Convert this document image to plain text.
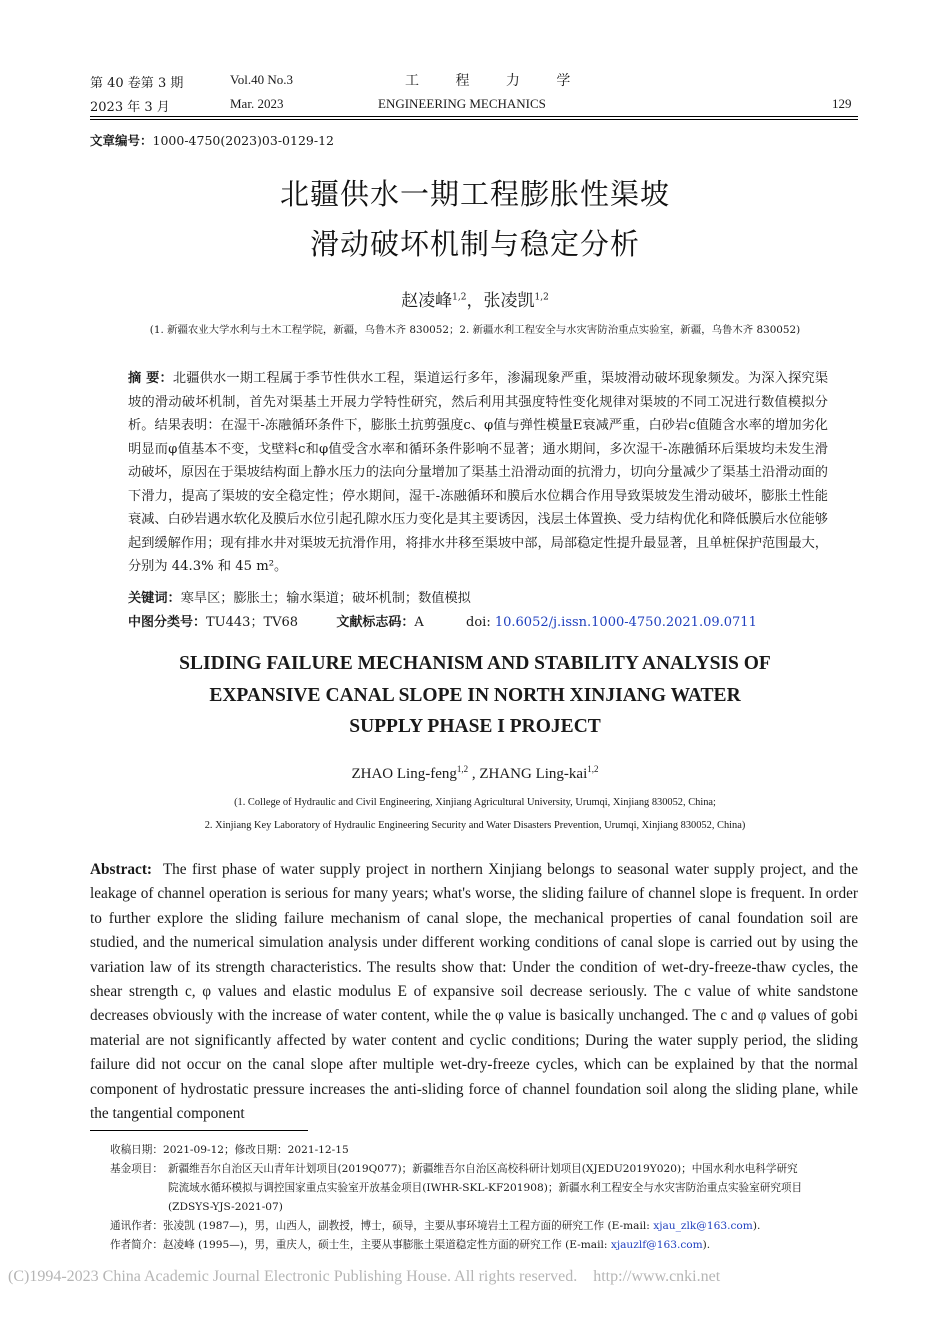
第 40 卷第 3 期	Vol.40 No.3	工 程 力 学
2023 年 3 月	Mar. 2023	ENGINEERING MECHANICS	129
文章编号：1000-4750(2023)03-0129-12
北疆供水一期工程膨胀性渠坡
滑动破坏机制与稳定分析
赵凌峰$^{1,2}$，张凌凯$^{1,2}$
(1. 新疆农业大学水利与土木工程学院，新疆，乌鲁木齐 830052；2. 新疆水利工程安全与水灾害防治重点实验室，新疆，乌鲁木齐 830052)
摘 要：北疆供水一期工程属于季节性供水工程，渠道运行多年，渗漏现象严重，渠坡滑动破坏现象频发。为深入探究渠坡的滑动破坏机制，首先对渠基土开展力学特性研究，然后利用其强度特性变化规律对渠坡的不同工况进行数值模拟分析。结果表明：在湿干-冻融循环条件下，膨胀土抗剪强度c、φ值与弹性模量E衰减严重，白砂岩c值随含水率的增加劣化明显而φ值基本不变，戈壁料c和φ值受含水率和循环条件影响不显著；通水期间，多次湿干-冻融循环后渠坡均未发生滑动破坏，原因在于渠坡结构面上静水压力的法向分量增加了渠基土沿滑动面的抗滑力，切向分量减少了渠基土沿滑动面的下滑力，提高了渠坡的安全稳定性；停水期间，湿干-冻融循环和膜后水位耦合作用导致渠坡发生滑动破坏，膨胀土性能衰减、白砂岩遇水软化及膜后水位引起孔隙水压力变化是其主要诱因，浅层土体置换、受力结构优化和降低膜后水位能够起到缓解作用；现有排水井对渠坡无抗滑作用，将排水井移至渠坡中部，局部稳定性提升最显著，且单桩保护范围最大，分别为 44.3% 和 45 m²。
关键词：寒旱区；膨胀土；输水渠道；破坏机制；数值模拟
中图分类号：TU443；TV68	文献标志码：A	doi: 10.6052/j.issn.1000-4750.2021.09.0711
SLIDING FAILURE MECHANISM AND STABILITY ANALYSIS OF
EXPANSIVE CANAL SLOPE IN NORTH XINJIANG WATER
SUPPLY PHASE I PROJECT
ZHAO Ling-feng$^{1,2}$ , ZHANG Ling-kai$^{1,2}$
(1. College of Hydraulic and Civil Engineering, Xinjiang Agricultural University, Urumqi, Xinjiang 830052, China;
2. Xinjiang Key Laboratory of Hydraulic Engineering Security and Water Disasters Prevention, Urumqi, Xinjiang 830052, China)
Abstract: The first phase of water supply project in northern Xinjiang belongs to seasonal water supply project, and the leakage of channel operation is serious for many years; what's worse, the sliding failure of channel slope is frequent. In order to further explore the sliding failure mechanism of canal slope, the mechanical properties of canal foundation soil are studied, and the numerical simulation analysis under different working conditions of canal slope is carried out by using the variation law of its strength characteristics. The results show that: Under the condition of wet-dry-freeze-thaw cycles, the shear strength c, φ values and elastic modulus E of expansive soil decrease seriously. The c value of white sandstone decreases obviously with the increase of water content, while the φ value is basically unchanged. The c and φ values of gobi material are not significantly affected by water content and cyclic conditions; During the water supply period, the sliding failure did not occur on the canal slope after multiple wet-dry-freeze cycles, which can be explained by that the normal component of hydrostatic pressure increases the anti-sliding force of channel foundation soil along the sliding plane, while the tangential component
收稿日期：2021-09-12；修改日期：2021-12-15
基金项目： 新疆维吾尔自治区天山青年计划项目(2019Q077)；新疆维吾尔自治区高校科研计划项目(XJEDU2019Y020)；中国水利水电科学研究
院流域水循环模拟与调控国家重点实验室开放基金项目(IWHR-SKL-KF201908)；新疆水利工程安全与水灾害防治重点实验室研究项目
(ZDSYS-YJS-2021-07)
通讯作者：张凌凯 (1987—)，男，山西人，副教授，博士，硕导，主要从事环境岩土工程方面的研究工作 (E-mail: xjau_zlk@163.com).
作者简介：赵凌峰 (1995—)，男，重庆人，硕士生，主要从事膨胀土渠道稳定性方面的研究工作 (E-mail: xjauzlf@163.com).
(C)1994-2023 China Academic Journal Electronic Publishing House. All rights reserved.    http://www.cnki.net
